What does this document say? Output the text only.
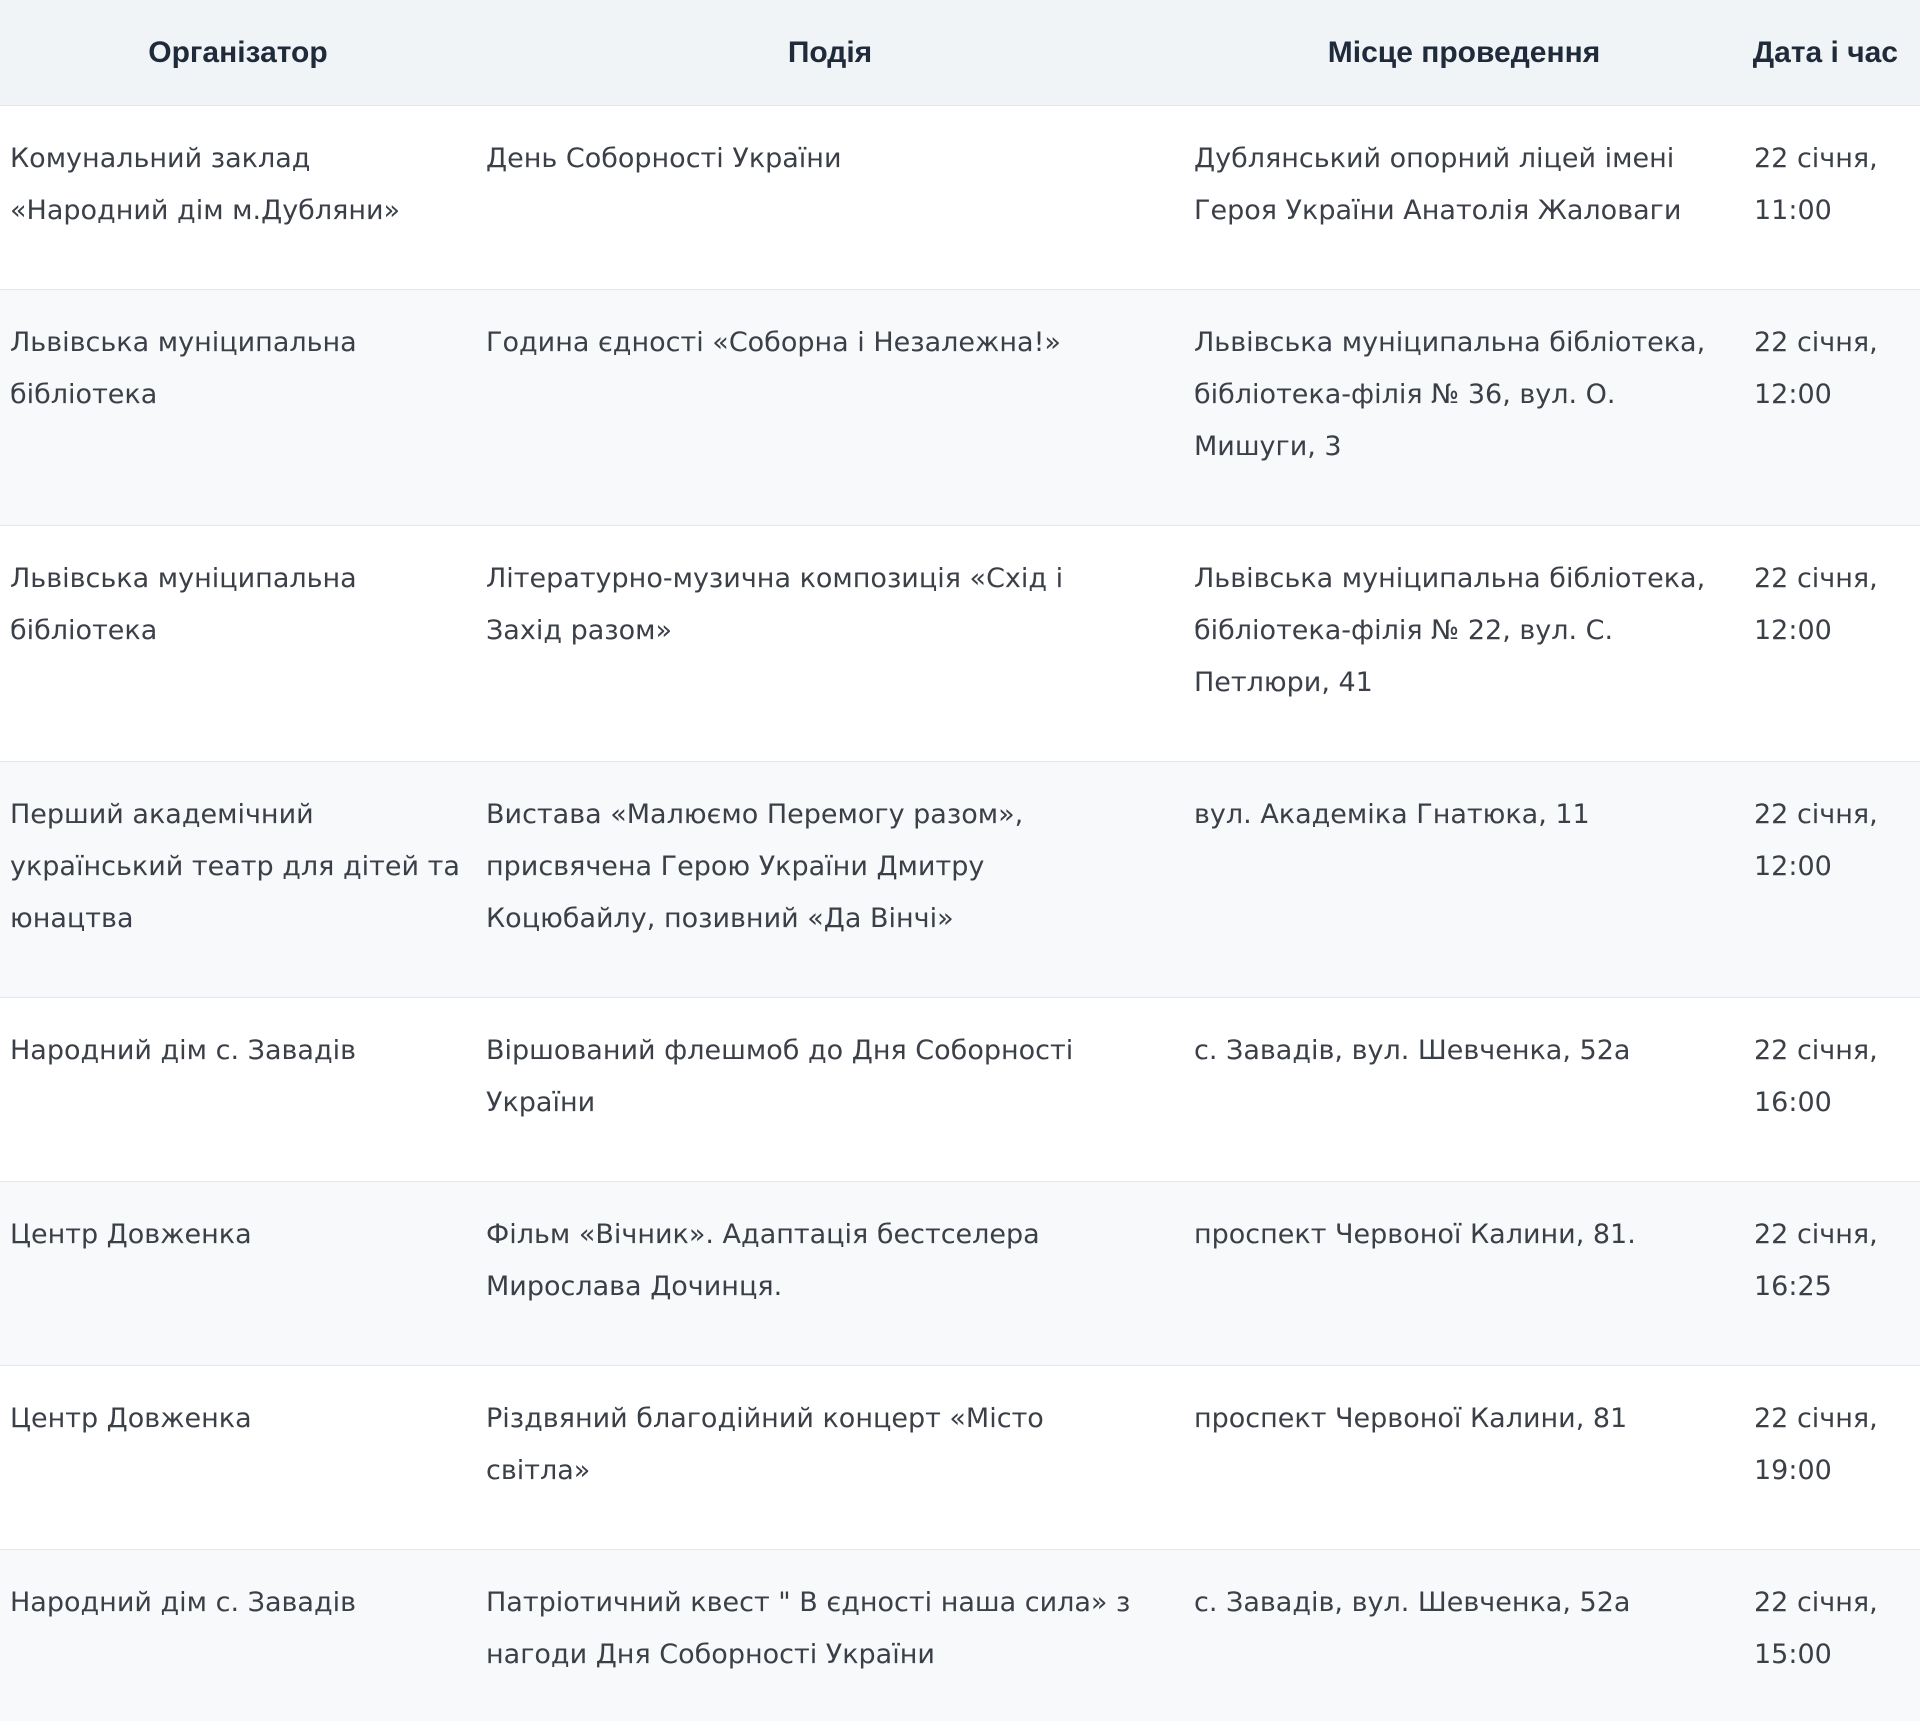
Організатор	Подія	Місце проведення	Дата і час
Комунальний заклад «Народний дім м.Дубляни»	День Соборності України	Дублянський опорний ліцей імені Героя України Анатолія Жаловаги	22 січня, 11:00
Львівська муніципальна бібліотека	Година єдності «Соборна і Незалежна!»	Львівська муніципальна бібліотека, бібліотека-філія № 36, вул. О. Мишуги, 3	22 січня, 12:00
Львівська муніципальна бібліотека	Літературно-музична композиція «Схід і Захід разом»	Львівська муніципальна бібліотека, бібліотека-філія № 22, вул. С. Петлюри, 41	22 січня, 12:00
Перший академічний український театр для дітей та юнацтва	Вистава «Малюємо Перемогу разом», присвячена Герою України Дмитру Коцюбайлу, позивний «Да Вінчі»	вул. Академіка Гнатюка, 11	22 січня, 12:00
Народний дім с. Завадів	Віршований флешмоб до Дня Соборності України	с. Завадів, вул. Шевченка, 52а	22 січня, 16:00
Центр Довженка	Фільм «Вічник». Адаптація бестселера Мирослава Дочинця.	проспект Червоної Калини, 81.	22 січня, 16:25
Центр Довженка	Різдвяний благодійний концерт «Місто світла»	проспект Червоної Калини, 81	22 січня, 19:00
Народний дім с. Завадів	Патріотичний квест " В єдності наша сила» з нагоди Дня Соборності України	с. Завадів, вул. Шевченка, 52а	22 січня, 15:00
